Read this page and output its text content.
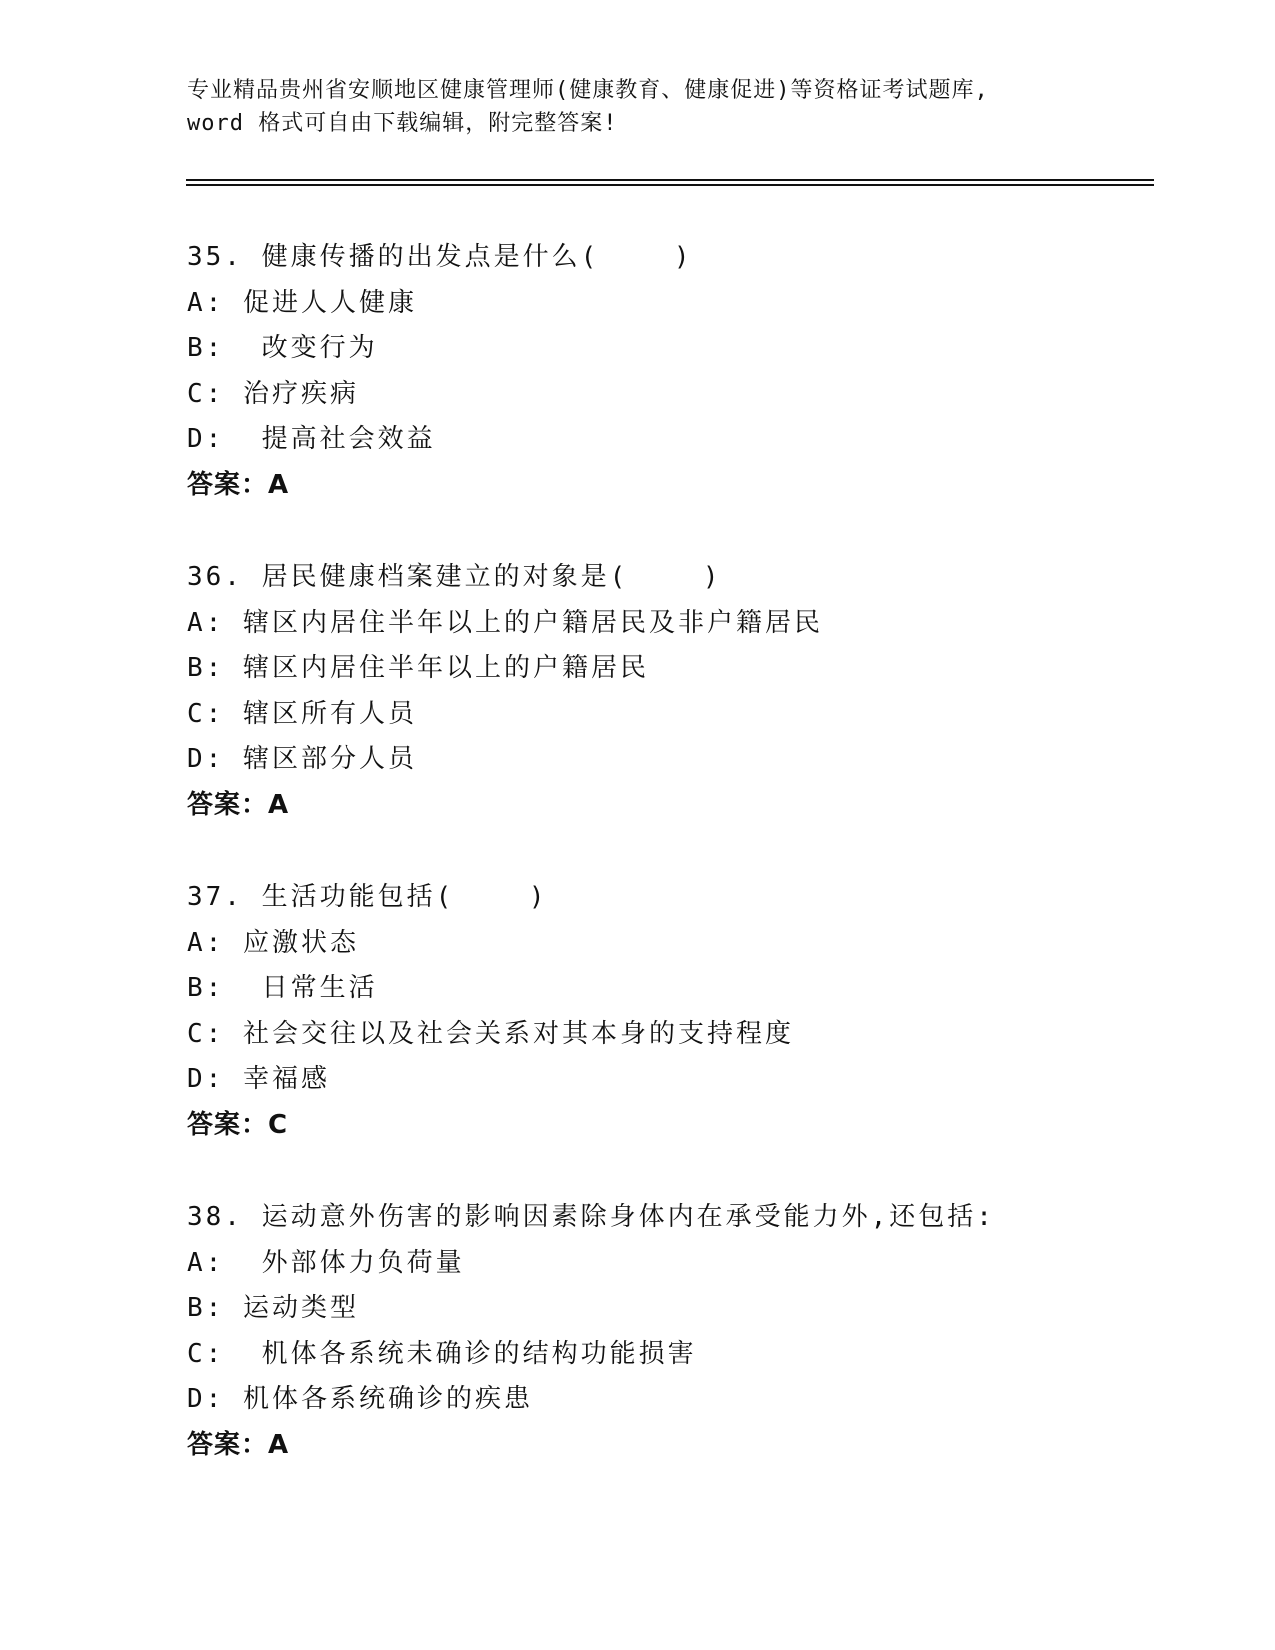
专业精品贵州省安顺地区健康管理师(健康教育、健康促进)等资格证考试题库,
word 格式可自由下载编辑，附完整答案!
35. 健康传播的出发点是什么(    )
A: 促进人人健康
B:  改变行为
C: 治疗疾病
D:  提高社会效益
答案：A
36. 居民健康档案建立的对象是(    )
A: 辖区内居住半年以上的户籍居民及非户籍居民
B: 辖区内居住半年以上的户籍居民
C: 辖区所有人员
D: 辖区部分人员
答案：A
37. 生活功能包括(    )
A: 应激状态
B:  日常生活
C: 社会交往以及社会关系对其本身的支持程度
D: 幸福感
答案：C
38. 运动意外伤害的影响因素除身体内在承受能力外,还包括:
A:  外部体力负荷量
B: 运动类型
C:  机体各系统未确诊的结构功能损害
D: 机体各系统确诊的疾患
答案：A
